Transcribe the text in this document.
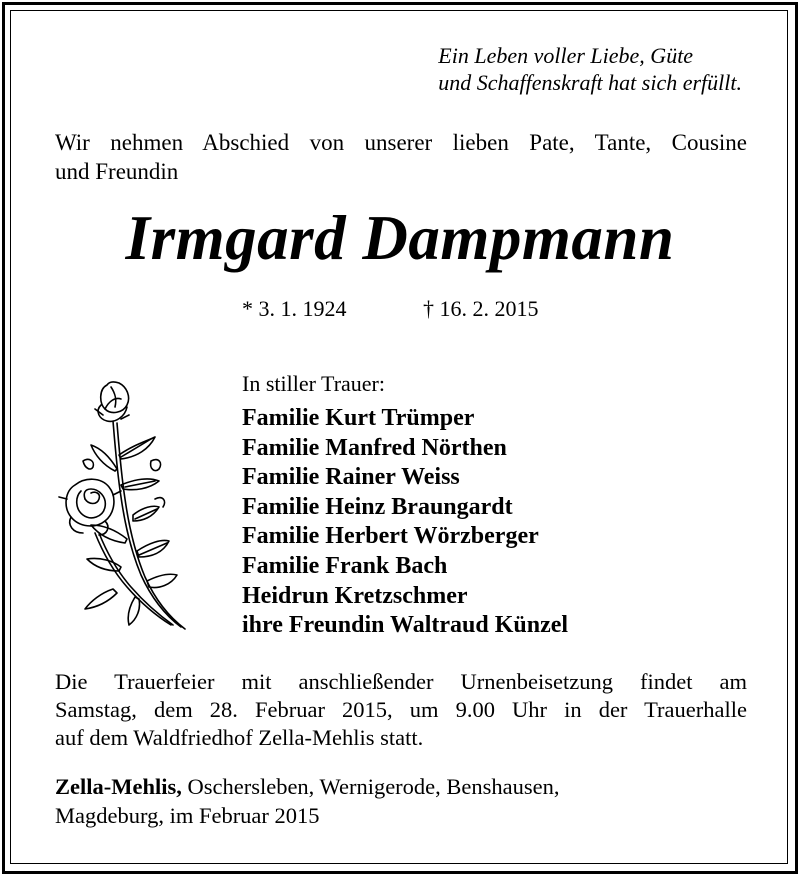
Ein Leben voller Liebe, Güte
und Schaffenskraft hat sich erfüllt.
Wir nehmen Abschied von unserer lieben Pate, Tante, Cousine
und Freundin
Irmgard Dampmann
* 3. 1. 1924	† 16. 2. 2015
In stiller Trauer:
Familie Kurt Trümper
Familie Manfred Nörthen
Familie Rainer Weiss
Familie Heinz Braungardt
Familie Herbert Wörzberger
Familie Frank Bach
Heidrun Kretzschmer
ihre Freundin Waltraud Künzel
Die Trauerfeier mit anschließender Urnenbeisetzung findet am
Samstag, dem 28. Februar 2015, um 9.00 Uhr in der Trauerhalle
auf dem Waldfriedhof Zella-Mehlis statt.
Zella-Mehlis, Oschersleben, Wernigerode, Benshausen,
Magdeburg, im Februar 2015
